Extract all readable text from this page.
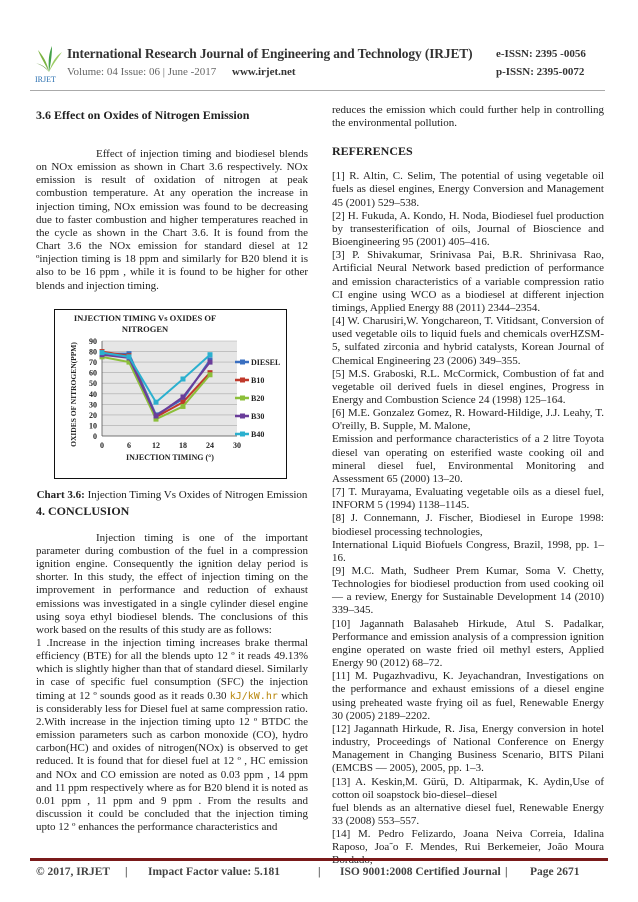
IRJET
International Research Journal of Engineering and Technology (IRJET)
Volume: 04 Issue: 06 | June -2017 www.irjet.net
e-ISSN: 2395 -0056
p-ISSN: 2395-0072
3.6 Effect on Oxides of Nitrogen Emission

Effect of injection timing and biodiesel blends on NOx emission as shown in Chart 3.6 respectively. NOx emission is result of oxidation of nitrogen at peak combustion temperature. At any operation the increase in injection timing, NOx emission was found to be decreasing due to faster combustion and higher temperatures reached in the cycle as shown in the Chart 3.6. It is found from the Chart 3.6 the NOx emission for standard diesel at 12 ºinjection timing is 18 ppm and similarly for B20 blend it is also to be 16 ppm , while it is found to be higher for other blends and injection timing.

INJECTION TIMING Vs OXIDES OF
NITROGEN
0
10
20
30
40
50
60
70
80
90
0	6	12 18 24 30
INJECTION TIMING (°)
OXIDES OF NITROGEN(PPM)	DIESEL
B10
B20
B30
B40

Chart 3.6: Injection Timing Vs Oxides of Nitrogen Emission

4. CONCLUSION

Injection timing is one of the important parameter during combustion of the fuel in a compression ignition engine. Consequently the ignition delay period is shorter. In this study, the effect of injection timing on the improvement in performance and reduction of exhaust emissions was investigated in a single cylinder diesel engine using soya ethyl biodiesel blends. The conclusions of this work based on the results of this study are as follows:

1 .Increase in the injection timing increases brake thermal efficiency (BTE) for all the blends upto 12 º it reads 49.13% which is slightly higher than that of standard diesel. Similarly in case of specific fuel consumption (SFC) the injection timing at 12 º sounds good as it reads 0.30 kJ/kW.hr which is considerably less for Diesel fuel at same compression ratio.

2.With increase in the injection timing upto 12 º BTDC the emission parameters such as carbon monoxide (CO), hydro carbon(HC) and oxides of nitrogen(NOx) is observed to get reduced. It is found that for diesel fuel at 12 º , HC emission and NOx and CO emission are noted as 0.03 ppm , 14 ppm and 11 ppm respectively where as for B20 blend it is noted as 0.01 ppm , 11 ppm and 9 ppm . From the results and discussion it could be concluded that the injection timing upto 12 º enhances the performance characteristics and

reduces the emission which could further help in controlling the environmental pollution.

REFERENCES

[1] R. Altin, C. Selim, The potential of using vegetable oil fuels as diesel engines, Energy Conversion and Management 45 (2001) 529–538.

[2] H. Fukuda, A. Kondo, H. Noda, Biodiesel fuel production by transesterification of oils, Journal of Bioscience and Bioengineering 95 (2001) 405–416.

[3] P. Shivakumar, Srinivasa Pai, B.R. Shrinivasa Rao, Artificial Neural Network based prediction of performance and emission characteristics of a variable compression ratio CI engine using WCO as a biodiesel at different injection timings, Applied Energy 88 (2011) 2344–2354.

[4] W. Charusiri,W. Yongchareon, T. Vitidsant, Conversion of used vegetable oils to liquid fuels and chemicals overHZSM-5, sulfated zirconia and hybrid catalysts, Korean Journal of Chemical Engineering 23 (2006) 349–355.

[5] M.S. Graboski, R.L. McCormick, Combustion of fat and vegetable oil derived fuels in diesel engines, Progress in Energy and Combustion Science 24 (1998) 125–164.

[6] M.E. Gonzalez Gomez, R. Howard-Hildige, J.J. Leahy, T. O'reilly, B. Supple, M. Malone,

Emission and performance characteristics of a 2 litre Toyota diesel van operating on esterified waste cooking oil and mineral diesel fuel, Environmental Monitoring and Assessment 65 (2000) 13–20.

[7] T. Murayama, Evaluating vegetable oils as a diesel fuel, INFORM 5 (1994) 1138–1145.

[8] J. Connemann, J. Fischer, Biodiesel in Europe 1998: biodiesel processing technologies,

International Liquid Biofuels Congress, Brazil, 1998, pp. 1–16.

[9] M.C. Math, Sudheer Prem Kumar, Soma V. Chetty, Technologies for biodiesel production from used cooking oil — a review, Energy for Sustainable Development 14 (2010) 339–345.

[10] Jagannath Balasaheb Hirkude, Atul S. Padalkar, Performance and emission analysis of a compression ignition engine operated on waste fried oil methyl esters, Applied Energy 90 (2012) 68–72.

[11] M. Pugazhvadivu, K. Jeyachandran, Investigations on the performance and exhaust emissions of a diesel engine using preheated waste frying oil as fuel, Renewable Energy 30 (2005) 2189–2202.

[12] Jagannath Hirkude, R. Jisa, Energy conversion in hotel industry, Proceedings of National Conference on Energy Management in Changing Business Scenario, BITS Pilani (EMCBS — 2005), 2005, pp. 1–3.

[13] A. Keskin,M. Gürü, D. Altiparmak, K. Aydin,Use of cotton oil soapstock bio-diesel–diesel

fuel blends as an alternative diesel fuel, Renewable Energy 33 (2008) 553–557.

[14] M. Pedro Felizardo, Joana Neiva Correia, Idalina Raposo, Joa˜o F. Mendes, Rui Berkemeier, João Moura

© 2017, IRJET | Impact Factor value: 5.181	| ISO 9001:2008 Certified Journal | Page 2671
